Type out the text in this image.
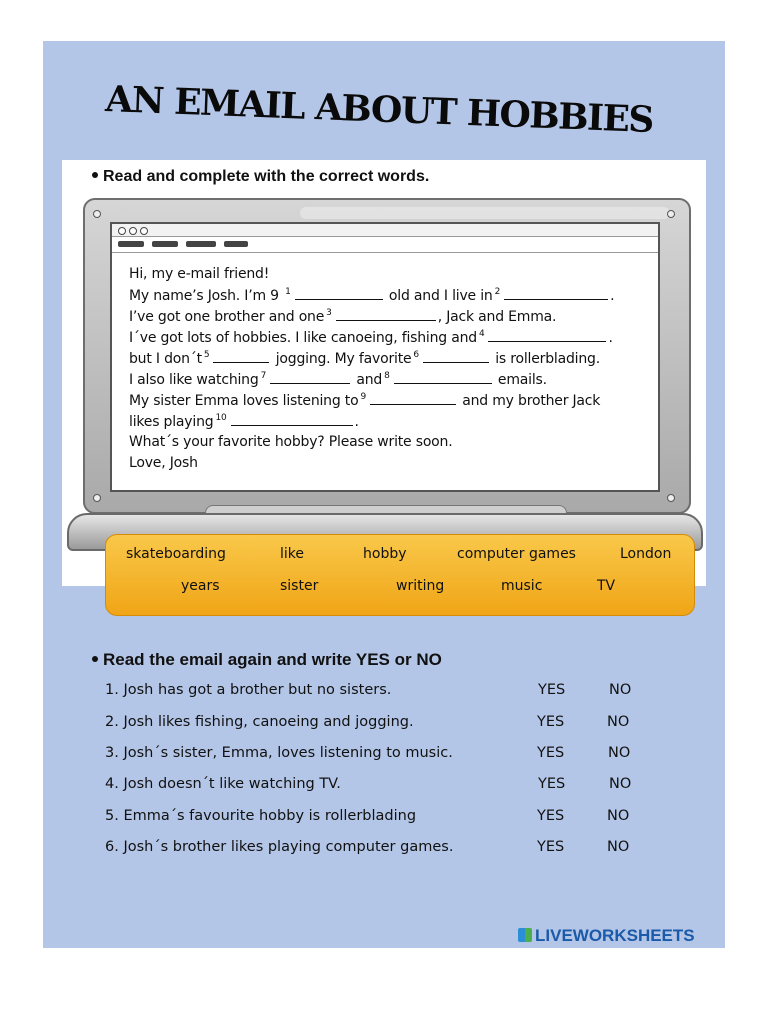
AN EMAIL ABOUT HOBBIES
Read and complete with the correct words.
Hi, my e-mail friend!
My name’s Josh. I’m 9 $^1$	old and I live in $^2$	.
I’ve got one brother and one $^3$	, Jack and Emma.
I´ve got lots of hobbies. I like canoeing, fishing and $^4$	.
but I don´t $^5$	jogging. My favorite $^6$	is rollerblading.
I also like watching $^7$	and $^8$	emails.
My sister Emma loves listening to $^9$	and my brother Jack
likes playing $^{10}$	.
What´s your favorite hobby? Please write soon.
Love, Josh
skateboarding	like	hobby	computer games	London
years	sister	writing	music	TV
Read the email again and write YES or NO
1. Josh has got a brother but no sisters.	YES	NO
2. Josh likes fishing, canoeing and jogging.	YES	NO
3. Josh´s sister, Emma, loves listening to music.	YES	NO
4. Josh doesn´t like watching TV.	YES	NO
5. Emma´s favourite hobby is rollerblading	YES	NO
6. Josh´s brother likes playing computer games.	YES	NO
LIVEWORKSHEETS
